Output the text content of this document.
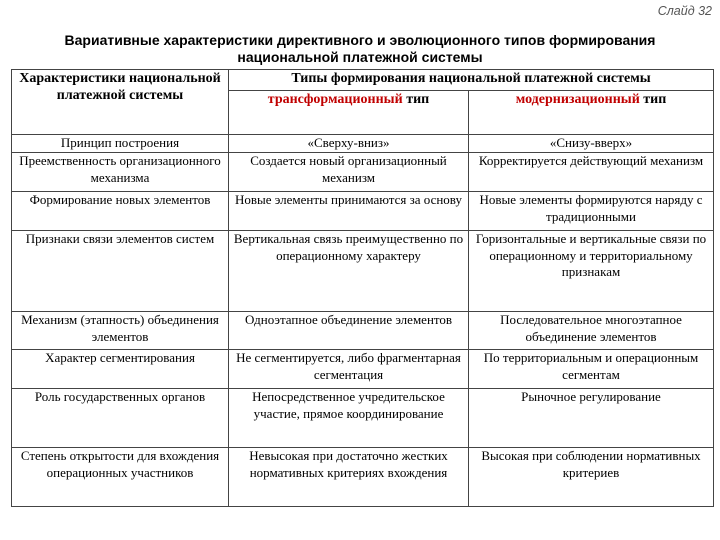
Слайд 32
Вариативные характеристики директивного и эволюционного типов формирования
национальной платежной системы
Характеристики национальной платежной системы	Типы формирования национальной платежной системы	
	трансформационный тип	модернизационный тип
Принцип построения	«Сверху-вниз»	«Снизу-вверх»
Преемственность организационного механизма	Создается новый организационный механизм	Корректируется действующий механизм
Формирование новых элементов	Новые элементы принимаются за основу	Новые элементы формируются наряду с традиционными
Признаки связи элементов систем	Вертикальная связь преимущественно по операционному характеру	Горизонтальные и вертикальные связи по операционному и территориальному признакам
Механизм (этапность) объединения элементов	Одноэтапное объединение элементов	Последовательное многоэтапное объединение элементов
Характер сегментирования	Не сегментируется, либо фрагментарная сегментация	По территориальным и операционным сегментам
Роль государственных органов	Непосредственное учредительское участие, прямое координирование	Рыночное регулирование
Степень открытости для вхождения операционных участников	Невысокая при достаточно жестких нормативных критериях вхождения	Высокая при соблюдении нормативных критериев
